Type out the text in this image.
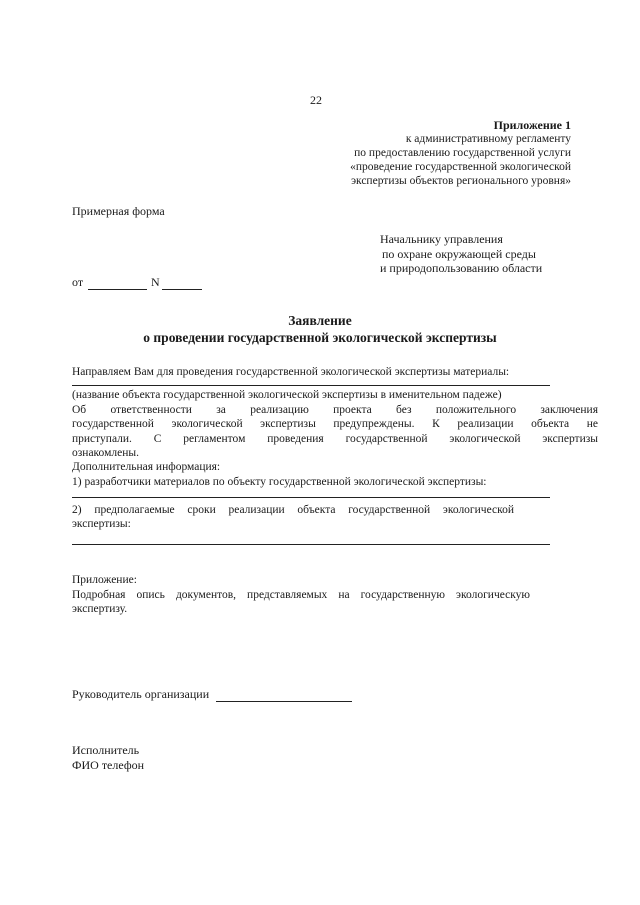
22
Приложение 1
к административному регламенту
по предоставлению государственной услуги
«проведение государственной экологической
экспертизы объектов регионального уровня»
Примерная форма
Начальнику управления
по охране окружающей среды
и природопользованию области
от	N
Заявление
о проведении государственной экологической экспертизы
Направляем Вам для проведения государственной экологической экспертизы материалы:
(название объекта государственной экологической экспертизы в именительном падеже)
Об ответственности за реализацию проекта без положительного заключения
государственной экологической экспертизы предупреждены. К реализации объекта не
приступали. С регламентом проведения государственной экологической экспертизы
ознакомлены.
Дополнительная информация:
1) разработчики материалов по объекту государственной экологической экспертизы:
2) предполагаемые сроки реализации объекта государственной экологической
экспертизы:
Приложение:
Подробная опись документов, представляемых на государственную экологическую
экспертизу.
Руководитель организации
Исполнитель
ФИО телефон
